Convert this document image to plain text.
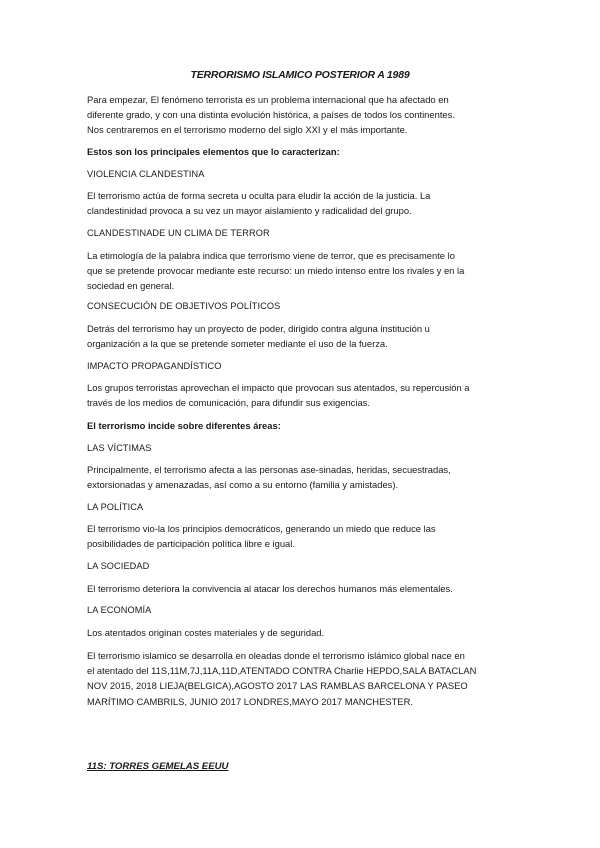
TERRORISMO ISLAMICO POSTERIOR A 1989

Para empezar, El fenómeno terrorista es un problema internacional que ha afectado en
diferente grado, y con una distinta evolución histórica, a países de todos los continentes.
Nos centraremos en el terrorismo moderno del siglo XXI y el más importante.

Estos son los principales elementos que lo caracterizan:

VIOLENCIA CLANDESTINA

El terrorismo actúa de forma secreta u oculta para eludir la acción de la justicia. La
clandestinidad provoca a su vez un mayor aislamiento y radicalidad del grupo.

CLANDESTINADE UN CLIMA DE TERROR

La etimología de la palabra indica que terrorismo viene de terror, que es precisamente lo
que se pretende provocar mediante este recurso: un miedo intenso entre los rivales y en la
sociedad en general.

CONSECUCIÓN DE OBJETIVOS POLÍTICOS

Detrás del terrorismo hay un proyecto de poder, dirigido contra alguna institución u
organización a la que se pretende someter mediante el uso de la fuerza.

IMPACTO PROPAGANDÍSTICO

Los grupos terroristas aprovechan el impacto que provocan sus atentados, su repercusión a
través de los medios de comunicación, para difundir sus exigencias.

El terrorismo incide sobre diferentes áreas:

LAS VÍCTIMAS

Principalmente, el terrorismo afecta a las personas ase-sinadas, heridas, secuestradas,
extorsionadas y amenazadas, así como a su entorno (familia y amistades).

LA POLÍTICA

El terrorismo vio-la los principios democráticos, generando un miedo que reduce las
posibilidades de participación política libre e igual.

LA SOCIEDAD

El terrorismo deteriora la convivencia al atacar los derechos humanos más elementales.

LA ECONOMÍA

Los atentados originan costes materiales y de seguridad.

El terrorismo islamico se desarrolla en oleadas donde el terrorismo islámico global nace en
el atentado del 11S,11M,7J,11A,11D,ATENTADO CONTRA Charlie HEPDO,SALA BATACLAN
NOV 2015, 2018 LIEJA(BELGICA),AGOSTO 2017 LAS RAMBLAS BARCELONA Y PASEO
MARÍTIMO CAMBRILS, JUNIO 2017 LONDRES,MAYO 2017 MANCHESTER.

11S: TORRES GEMELAS EEUU
